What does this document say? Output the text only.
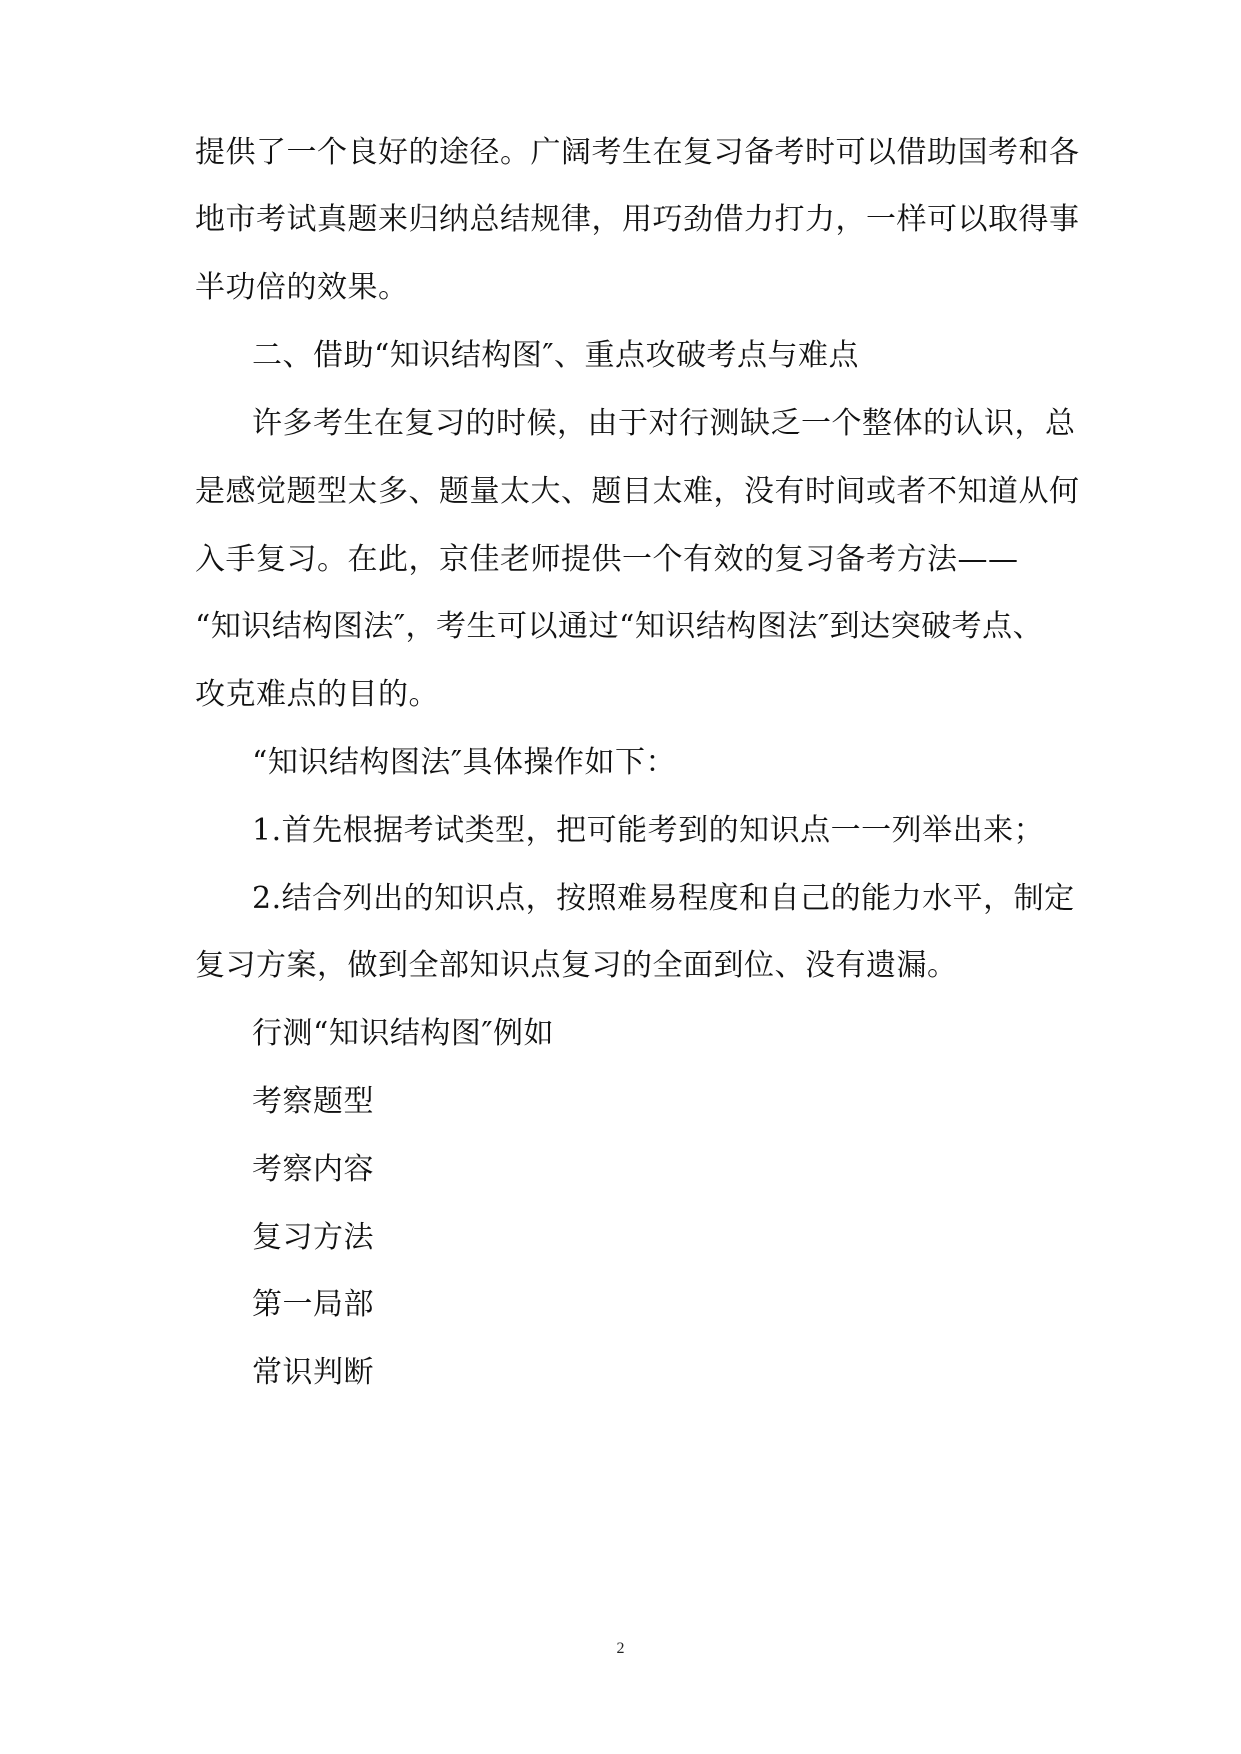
提供了一个良好的途径。广阔考生在复习备考时可以借助国考和各
地市考试真题来归纳总结规律，用巧劲借力打力，一样可以取得事
半功倍的效果。
二、借助“知识结构图″、重点攻破考点与难点
许多考生在复习的时候，由于对行测缺乏一个整体的认识，总
是感觉题型太多、题量太大、题目太难，没有时间或者不知道从何
入手复习。在此，京佳老师提供一个有效的复习备考方法——
“知识结构图法″，考生可以通过“知识结构图法″到达突破考点、
攻克难点的目的。
“知识结构图法″具体操作如下：
1.首先根据考试类型，把可能考到的知识点一一列举出来；
2.结合列出的知识点，按照难易程度和自己的能力水平，制定
复习方案，做到全部知识点复习的全面到位、没有遗漏。
行测“知识结构图″例如
考察题型
考察内容
复习方法
第一局部
常识判断
2
